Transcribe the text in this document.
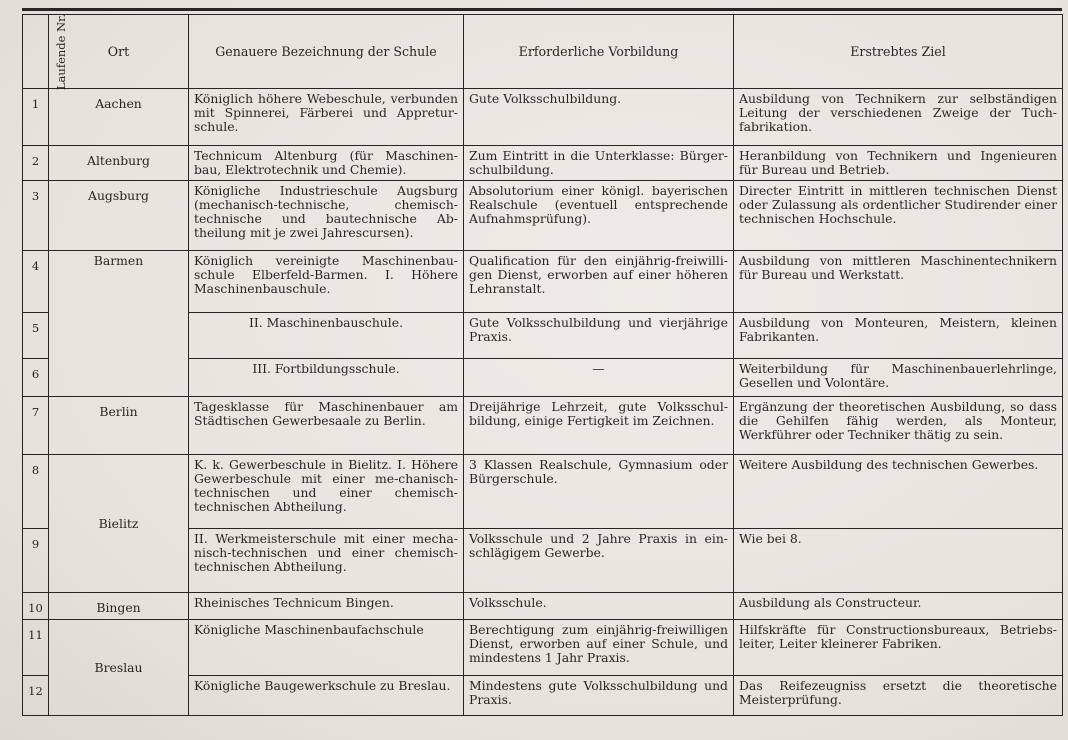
Laufende Nr.	Ort	Genauere Bezeichnung der Schule	Erforderliche Vorbildung	Erstrebtes Ziel
1	Aachen	Königlich höhere Webeschule, verbunden mit Spinnerei, Färberei und Appretur-schule.	Gute Volksschulbildung.	Ausbildung von Technikern zur selbständigen Leitung der verschiedenen Zweige der Tuch-fabrikation.
2	Altenburg	Technicum Altenburg (für Maschinen-bau, Elektrotechnik und Chemie).	Zum Eintritt in die Unterklasse: Bürger-schulbildung.	Heranbildung von Technikern und Ingenieuren für Bureau und Betrieb.
3	Augsburg	Königliche Industrieschule Augsburg (mechanisch-technische, chemisch-technische und bautechnische Ab-theilung mit je zwei Jahrescursen).	Absolutorium einer königl. bayerischen Realschule (eventuell entsprechende Aufnahmsprüfung).	Directer Eintritt in mittleren technischen Dienst oder Zulassung als ordentlicher Studirender einer technischen Hochschule.
4	Barmen	Königlich vereinigte Maschinenbau-schule Elberfeld-Barmen. I. Höhere Maschinenbauschule.	Qualification für den einjährig-freiwilli-gen Dienst, erworben auf einer höheren Lehranstalt.	Ausbildung von mittleren Maschinentechnikern für Bureau und Werkstatt.
5		II. Maschinenbauschule.	Gute Volksschulbildung und vierjährige Praxis.	Ausbildung von Monteuren, Meistern, kleinen Fabrikanten.
6		III. Fortbildungsschule.	—	Weiterbildung für Maschinenbauerlehrlinge, Gesellen und Volontäre.
7	Berlin	Tagesklasse für Maschinenbauer am Städtischen Gewerbesaale zu Berlin.	Dreijährige Lehrzeit, gute Volksschul-bildung, einige Fertigkeit im Zeichnen.	Ergänzung der theoretischen Ausbildung, so dass die Gehilfen fähig werden, als Monteur, Werkführer oder Techniker thätig zu sein.
8	Bielitz	K. k. Gewerbeschule in Bielitz. I. Höhere Gewerbeschule mit einer me-chanisch-technischen und einer chemisch-technischen Abtheilung.	3 Klassen Realschule, Gymnasium oder Bürgerschule.	Weitere Ausbildung des technischen Gewerbes.
9		II. Werkmeisterschule mit einer mecha-nisch-technischen und einer chemisch-technischen Abtheilung.	Volksschule und 2 Jahre Praxis in ein-schlägigem Gewerbe.	Wie bei 8.
10	Bingen	Rheinisches Technicum Bingen.	Volksschule.	Ausbildung als Constructeur.
11	Breslau	Königliche Maschinenbaufachschule	Berechtigung zum einjährig-freiwilligen Dienst, erworben auf einer Schule, und mindestens 1 Jahr Praxis.	Hilfskräfte für Constructionsbureaux, Betriebs-leiter, Leiter kleinerer Fabriken.
12		Königliche Baugewerkschule zu Breslau.	Mindestens gute Volksschulbildung und Praxis.	Das Reifezeugniss ersetzt die theoretische Meisterprüfung.
